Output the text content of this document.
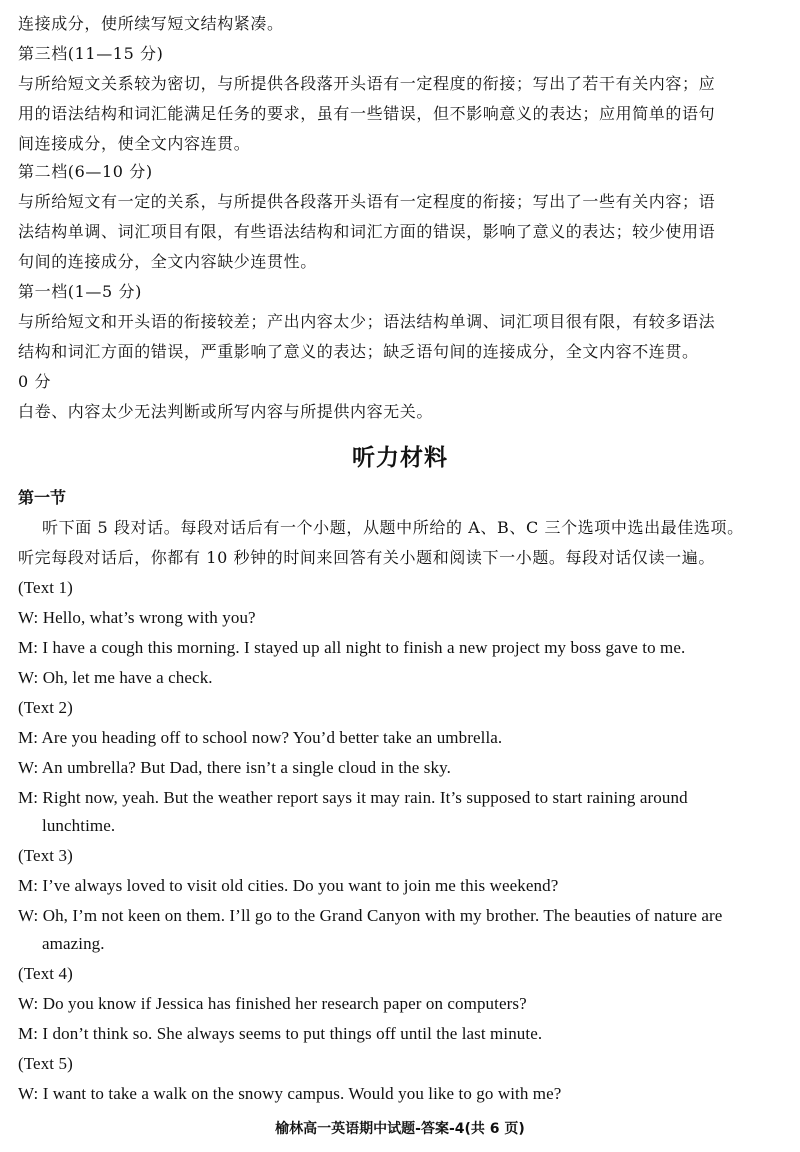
连接成分，使所续写短文结构紧凑。
第三档(11—15 分)
与所给短文关系较为密切，与所提供各段落开头语有一定程度的衔接；写出了若干有关内容；应
用的语法结构和词汇能满足任务的要求，虽有一些错误，但不影响意义的表达；应用简单的语句
间连接成分，使全文内容连贯。
第二档(6—10 分)
与所给短文有一定的关系，与所提供各段落开头语有一定程度的衔接；写出了一些有关内容；语
法结构单调、词汇项目有限，有些语法结构和词汇方面的错误，影响了意义的表达；较少使用语
句间的连接成分，全文内容缺少连贯性。
第一档(1—5 分)
与所给短文和开头语的衔接较差；产出内容太少；语法结构单调、词汇项目很有限，有较多语法
结构和词汇方面的错误，严重影响了意义的表达；缺乏语句间的连接成分，全文内容不连贯。
0 分
白卷、内容太少无法判断或所写内容与所提供内容无关。
听力材料
第一节
听下面 5 段对话。每段对话后有一个小题，从题中所给的 A、B、C 三个选项中选出最佳选项。
听完每段对话后，你都有 10 秒钟的时间来回答有关小题和阅读下一小题。每段对话仅读一遍。
(Text 1)
W: Hello, what’s wrong with you?
M: I have a cough this morning. I stayed up all night to finish a new project my boss gave to me.
W: Oh, let me have a check.
(Text 2)
M: Are you heading off to school now? You’d better take an umbrella.
W: An umbrella? But Dad, there isn’t a single cloud in the sky.
M: Right now, yeah. But the weather report says it may rain. It’s supposed to start raining around
lunchtime.
(Text 3)
M: I’ve always loved to visit old cities. Do you want to join me this weekend?
W: Oh, I’m not keen on them. I’ll go to the Grand Canyon with my brother. The beauties of nature are
amazing.
(Text 4)
W: Do you know if Jessica has finished her research paper on computers?
M: I don’t think so. She always seems to put things off until the last minute.
(Text 5)
W: I want to take a walk on the snowy campus. Would you like to go with me?
榆林高一英语期中试题-答案-4(共 6 页)
